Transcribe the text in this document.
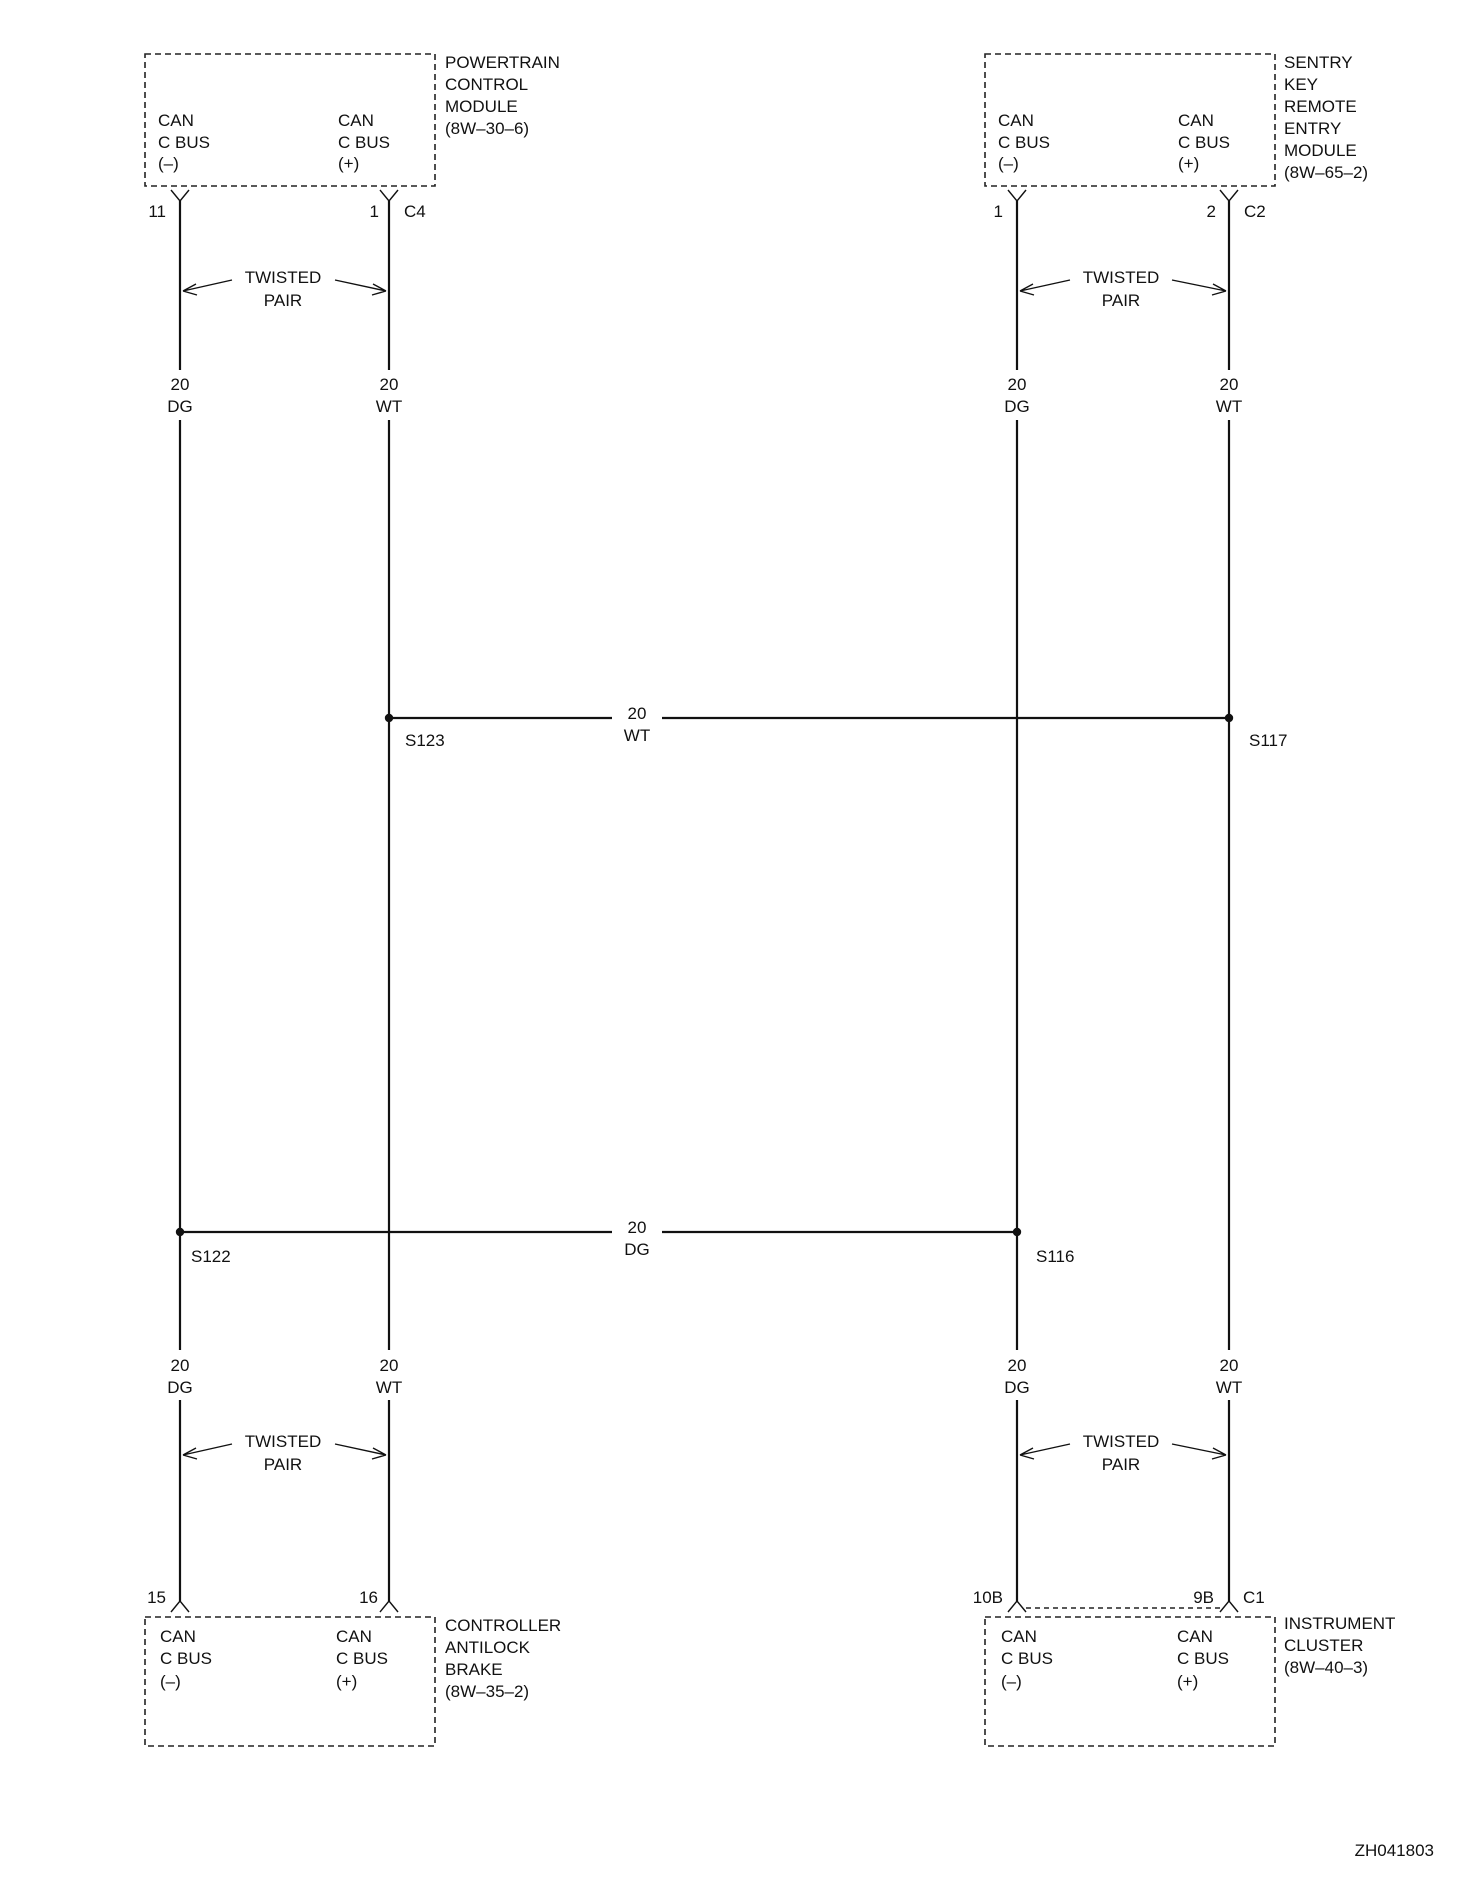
CAN
C BUS
(–)
CAN
C BUS
(+)
POWERTRAIN
CONTROL
MODULE
(8W–30–6)
11	1 C4
CAN
C BUS
(–)
CAN
C BUS
(+)
SENTRY
KEY
REMOTE
ENTRY
MODULE
(8W–65–2)
1	2 C2
CAN
C BUS
(–)
CAN
C BUS
(+)
CONTROLLER
ANTILOCK
BRAKE
(8W–35–2)
15	16
CAN
C BUS
(–)
CAN
C BUS
(+)
INSTRUMENT
CLUSTER
(8W–40–3)
10B	9B C1
S123	S117
S122	S116
20
DG
20
WT
20
DG
20
WT
20
DG
20
WT
20
DG
20
WT
20
WT
20
DG
TWISTED
PAIR
TWISTED
PAIR
TWISTED
PAIR
TWISTED
PAIR
ZH041803
